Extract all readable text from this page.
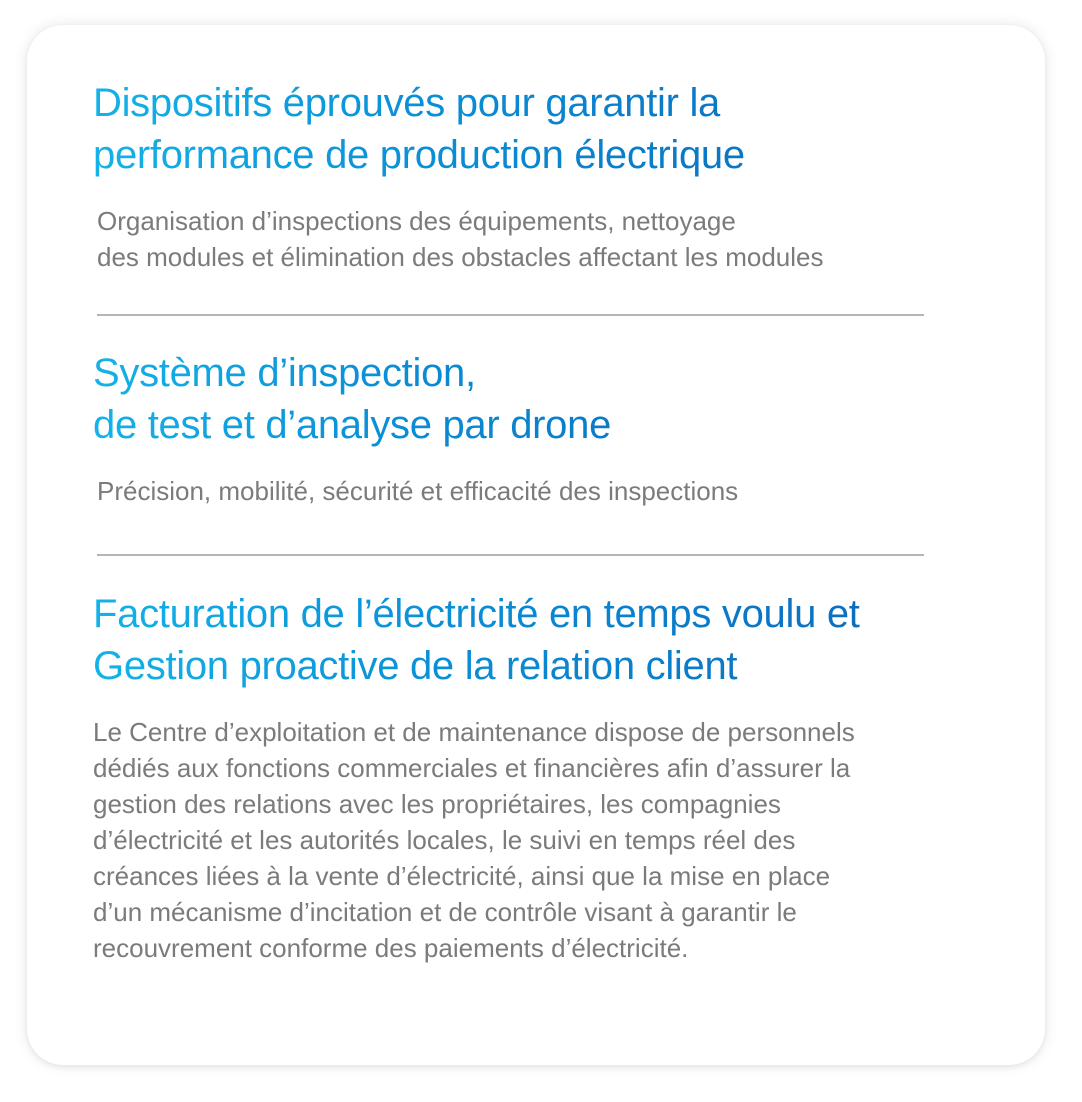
Dispositifs éprouvés pour garantir la
performance de production électrique

Organisation d’inspections des équipements, nettoyage
des modules et élimination des obstacles affectant les modules

Système d’inspection,
de test et d’analyse par drone

Précision, mobilité, sécurité et efficacité des inspections

Facturation de l’électricité en temps voulu et
Gestion proactive de la relation client

Le Centre d’exploitation et de maintenance dispose de personnels
dédiés aux fonctions commerciales et financières afin d’assurer la
gestion des relations avec les propriétaires, les compagnies
d’électricité et les autorités locales, le suivi en temps réel des
créances liées à la vente d’électricité, ainsi que la mise en place
d’un mécanisme d’incitation et de contrôle visant à garantir le
recouvrement conforme des paiements d’électricité.
